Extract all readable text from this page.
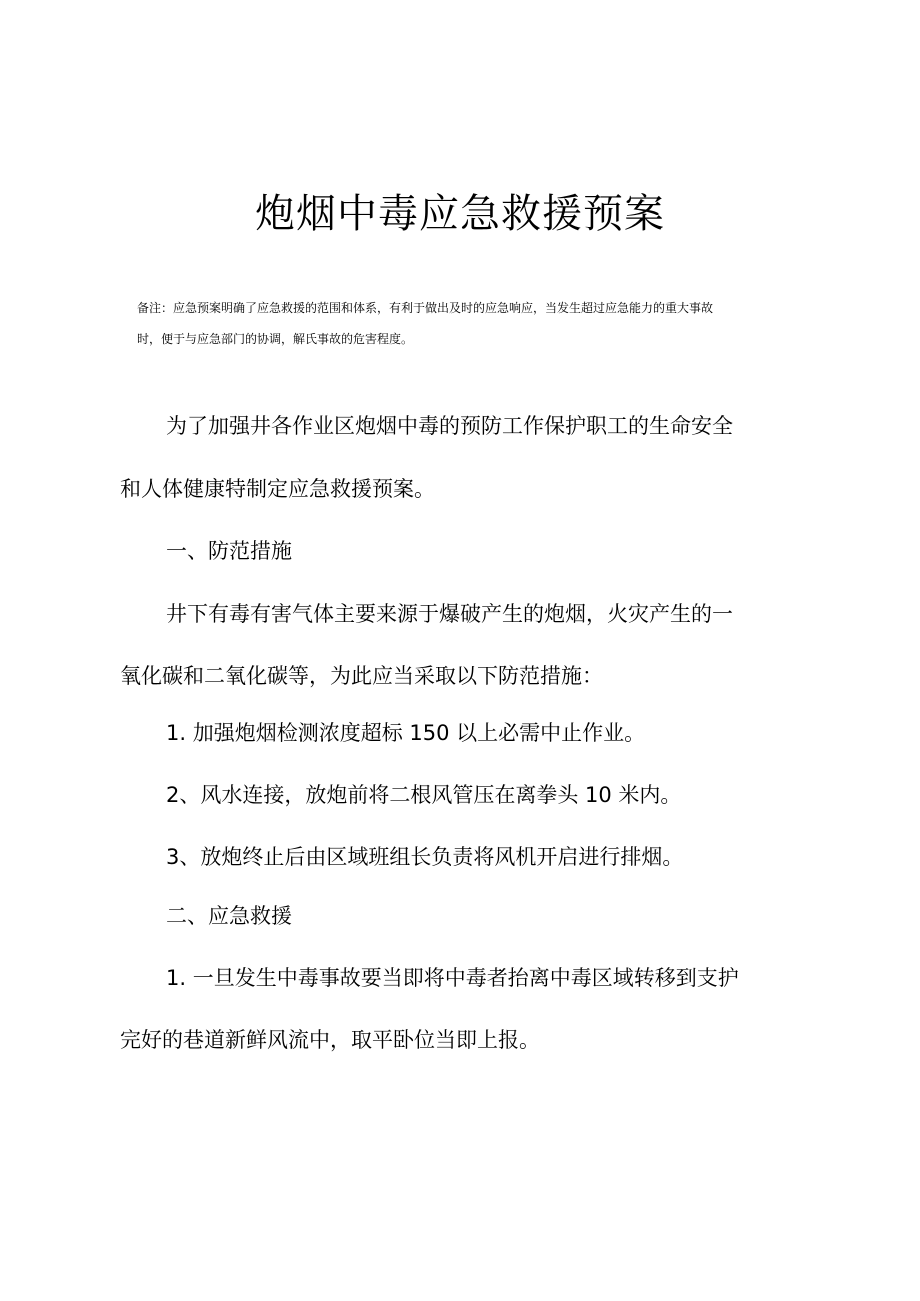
炮烟中毒应急救援预案
备注：应急预案明确了应急救援的范围和体系，有利于做出及时的应急响应，当发生超过应急能力的重大事故
时，便于与应急部门的协调，解氏事故的危害程度。
为了加强井各作业区炮烟中毒的预防工作保护职工的生命安全
和人体健康特制定应急救援预案。
一、防范措施
井下有毒有害气体主要来源于爆破产生的炮烟，火灾产生的一
氧化碳和二氧化碳等，为此应当采取以下防范措施：
1. 加强炮烟检测浓度超标 150 以上必需中止作业。
2、风水连接，放炮前将二根风管压在离拳头 10 米内。
3、放炮终止后由区域班组长负责将风机开启进行排烟。
二、应急救援
1. 一旦发生中毒事故要当即将中毒者抬离中毒区域转移到支护
完好的巷道新鲜风流中，取平卧位当即上报。
